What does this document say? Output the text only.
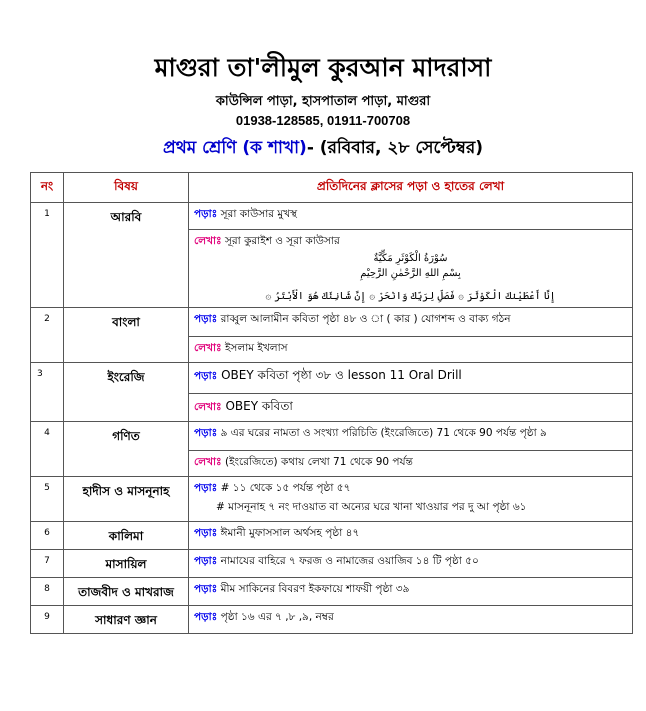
মাগুরা তা'লীমুল কুরআন মাদরাসা
কাউন্সিল পাড়া, হাসপাতাল পাড়া, মাগুরা
01938-128585, 01911-700708
প্রথম শ্রেণি (ক শাখা)- (রবিবার, ২৮ সেপ্টেম্বর)
নং	বিষয়	প্রতিদিনের ক্লাসের পড়া ও হাতের লেখা
1	আরবি	পড়াঃ সূরা কাউসার মুখস্থ
লেখাঃ সূরা কুরাইশ ও সূরা কাউসার
سُوْرَةُ الْكَوْثَرِ مَكِّيَّةٌ
بِسْمِ اللهِ الرَّحْمٰنِ الرَّحِيْمِ
إِنَّا أَعْطَيْنٰكَ الْكَوْثَرَ ۞ فَصَلِّ لِرَبِّكَ وَانْحَرْ ۞ إِنَّ شَانِئَكَ هُوَ الْأَبْتَرُ ۞

2	বাংলা	পড়াঃ রাব্বুল আলামীন কবিতা পৃষ্ঠা ৪৮ ও া ( কার ) যোগশব্দ ও বাক্য গঠন
লেখাঃ ইসলাম ইখলাস

3	ইংরেজি	পড়াঃ OBEY কবিতা পৃষ্ঠা ৩৮ ও lesson 11 Oral Drill
লেখাঃ OBEY কবিতা

4	গণিত	পড়াঃ ৯ এর ঘরের নামতা ও সংখ্যা পরিচিতি (ইংরেজিতে) 71 থেকে 90 পর্যন্ত পৃষ্ঠা ৯
লেখাঃ (ইংরেজিতে) কথায় লেখা 71 থেকে 90 পর্যন্ত

5	হাদীস ও মাসনূনাহ	পড়াঃ # ১১ থেকে ১৫ পর্যন্ত পৃষ্ঠা ৫৭
# মাসনূনাহ ৭ নং দাওয়াত বা অন্যের ঘরে খানা খাওয়ার পর দু আ পৃষ্ঠা ৬১

6	কালিমা	পড়াঃ ঈমানী মুফাসসাল অর্থসহ পৃষ্ঠা ৪৭

7	মাসায়িল	পড়াঃ নামাযের বাহিরে ৭ ফরজ ও নামাজের ওয়াজিব ১৪ টি পৃষ্ঠা ৫০

8	তাজবীদ ও মাখরাজ	পড়াঃ মীম সাকিনের বিবরণ ইকফায়ে শাফয়ী পৃষ্ঠা ৩৯

9	সাধারণ জ্ঞান	পড়াঃ পৃষ্ঠা ১৬ এর ৭ ,৮ ,৯, নম্বর
